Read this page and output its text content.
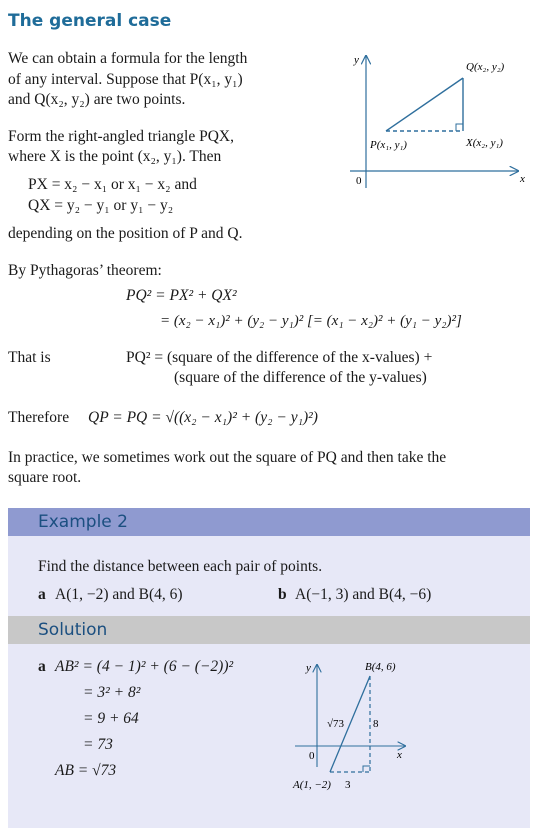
The general case
We can obtain a formula for the length
of any interval. Suppose that P(x₁, y₁)
and Q(x₂, y₂) are two points.
Form the right-angled triangle PQX,
where X is the point (x₂, y₁). Then
PX = x₂ − x₁ or x₁ − x₂ and
QX = y₂ − y₁ or y₁ − y₂
depending on the position of P and Q.
y
x
0
Q(x₂, y₂)
P(x₁, y₁)	X(x₂, y₁)
By Pythagoras’ theorem:
PQ² = PX² + QX²
= (x₂ − x₁)² + (y₂ − y₁)² [= (x₁ − x₂)² + (y₁ − y₂)²]
That is	PQ² = (square of the difference of the x-values) +
(square of the difference of the y-values)
Therefore QP = PQ = √((x₂ − x₁)² + (y₂ − y₁)²)
In practice, we sometimes work out the square of PQ and then take the
square root.
Example 2
Find the distance between each pair of points.
a A(1, −2) and B(4, 6)	b A(−1, 3) and B(4, −6)
Solution
a AB² = (4 − 1)² + (6 − (−2))²
= 3² + 8²
= 9 + 64
= 73
AB = √73
y
x
0
B(4, 6)
A(1, −2)
√73	8
3
